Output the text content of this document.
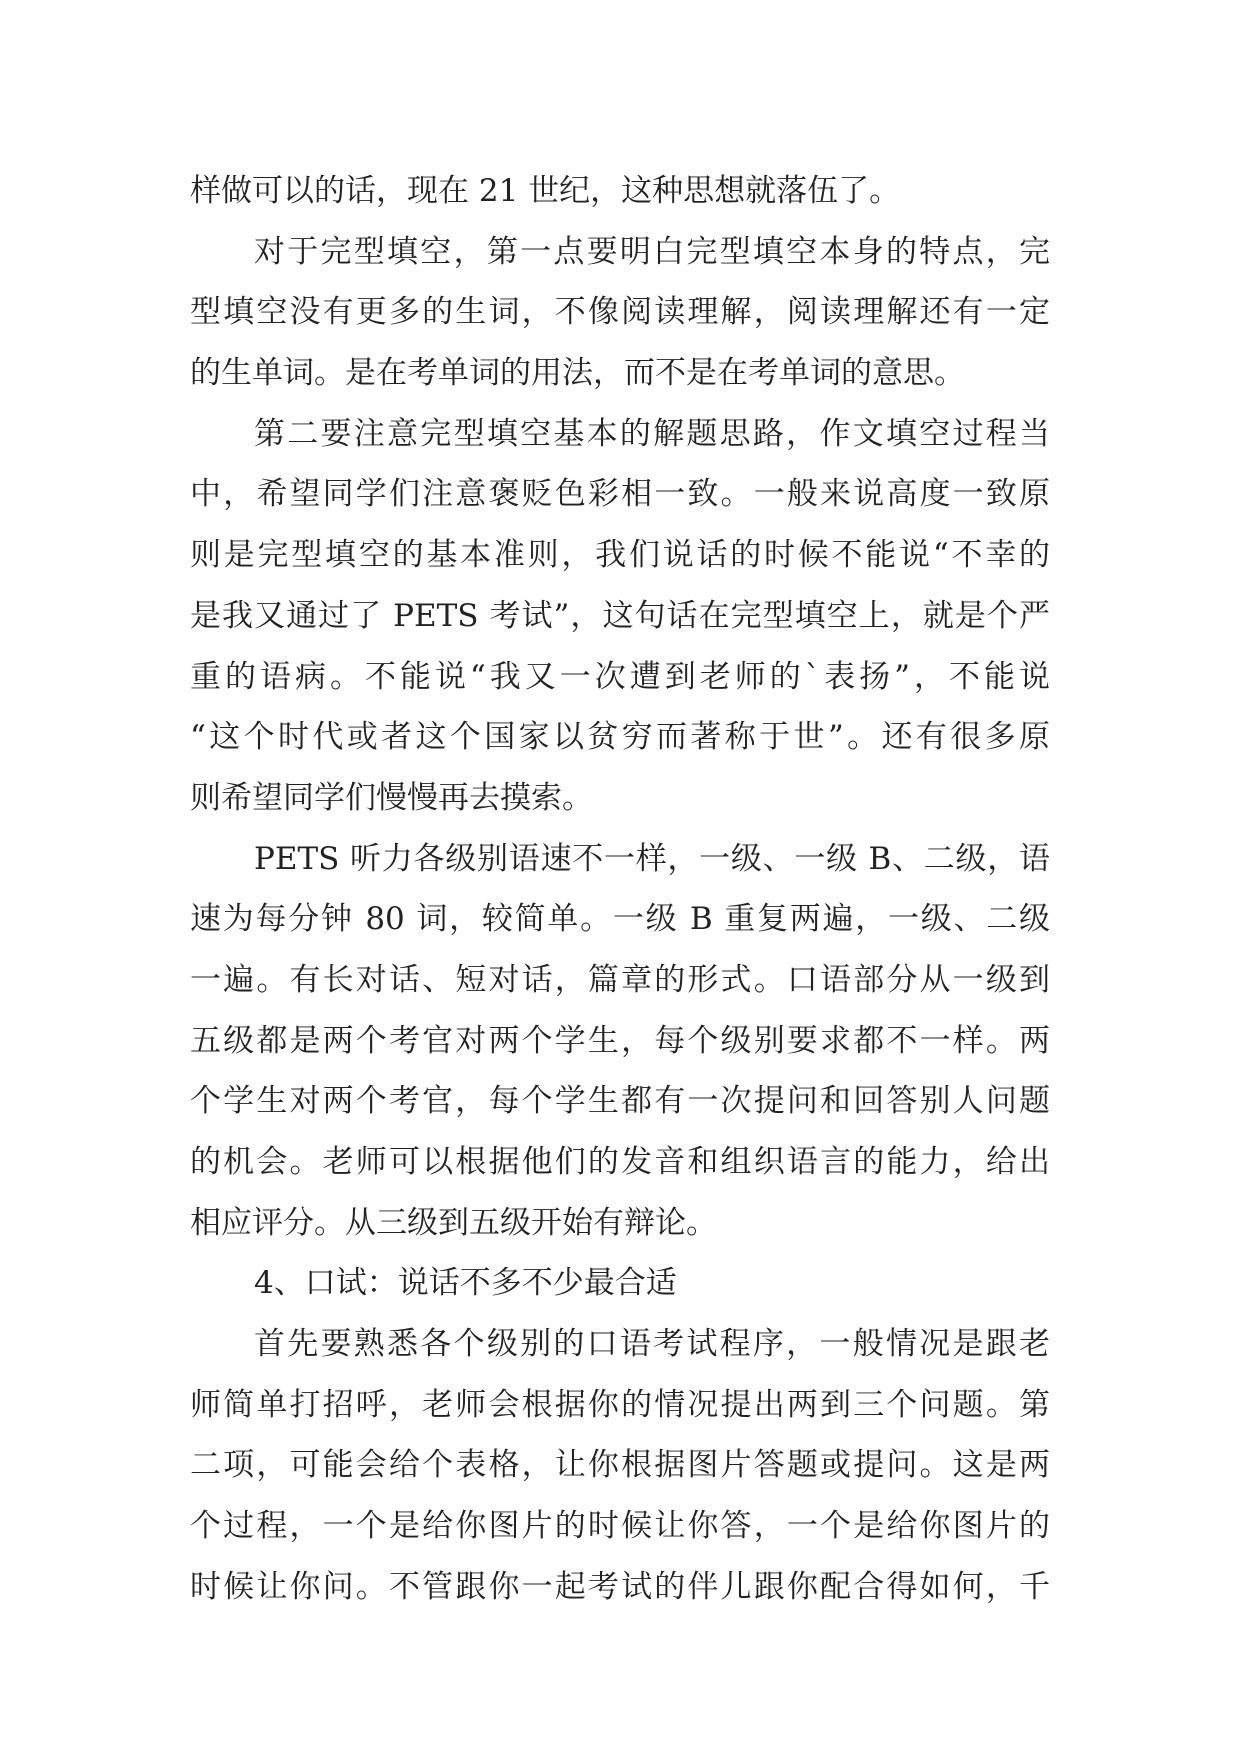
样做可以的话，现在 21 世纪，这种思想就落伍了。
对于完型填空，第一点要明白完型填空本身的特点，完
型填空没有更多的生词，不像阅读理解，阅读理解还有一定
的生单词。是在考单词的用法，而不是在考单词的意思。
第二要注意完型填空基本的解题思路，作文填空过程当
中，希望同学们注意褒贬色彩相一致。一般来说高度一致原
则是完型填空的基本准则，我们说话的时候不能说“不幸的
是我又通过了 PETS 考试”，这句话在完型填空上，就是个严
重的语病。不能说“我又一次遭到老师的`表扬”，不能说
“这个时代或者这个国家以贫穷而著称于世”。还有很多原
则希望同学们慢慢再去摸索。
PETS 听力各级别语速不一样，一级、一级 B、二级，语
速为每分钟 80 词，较简单。一级 B 重复两遍，一级、二级
一遍。有长对话、短对话，篇章的形式。口语部分从一级到
五级都是两个考官对两个学生，每个级别要求都不一样。两
个学生对两个考官，每个学生都有一次提问和回答别人问题
的机会。老师可以根据他们的发音和组织语言的能力，给出
相应评分。从三级到五级开始有辩论。
4、口试：说话不多不少最合适
首先要熟悉各个级别的口语考试程序，一般情况是跟老
师简单打招呼，老师会根据你的情况提出两到三个问题。第
二项，可能会给个表格，让你根据图片答题或提问。这是两
个过程，一个是给你图片的时候让你答，一个是给你图片的
时候让你问。不管跟你一起考试的伴儿跟你配合得如何，千
